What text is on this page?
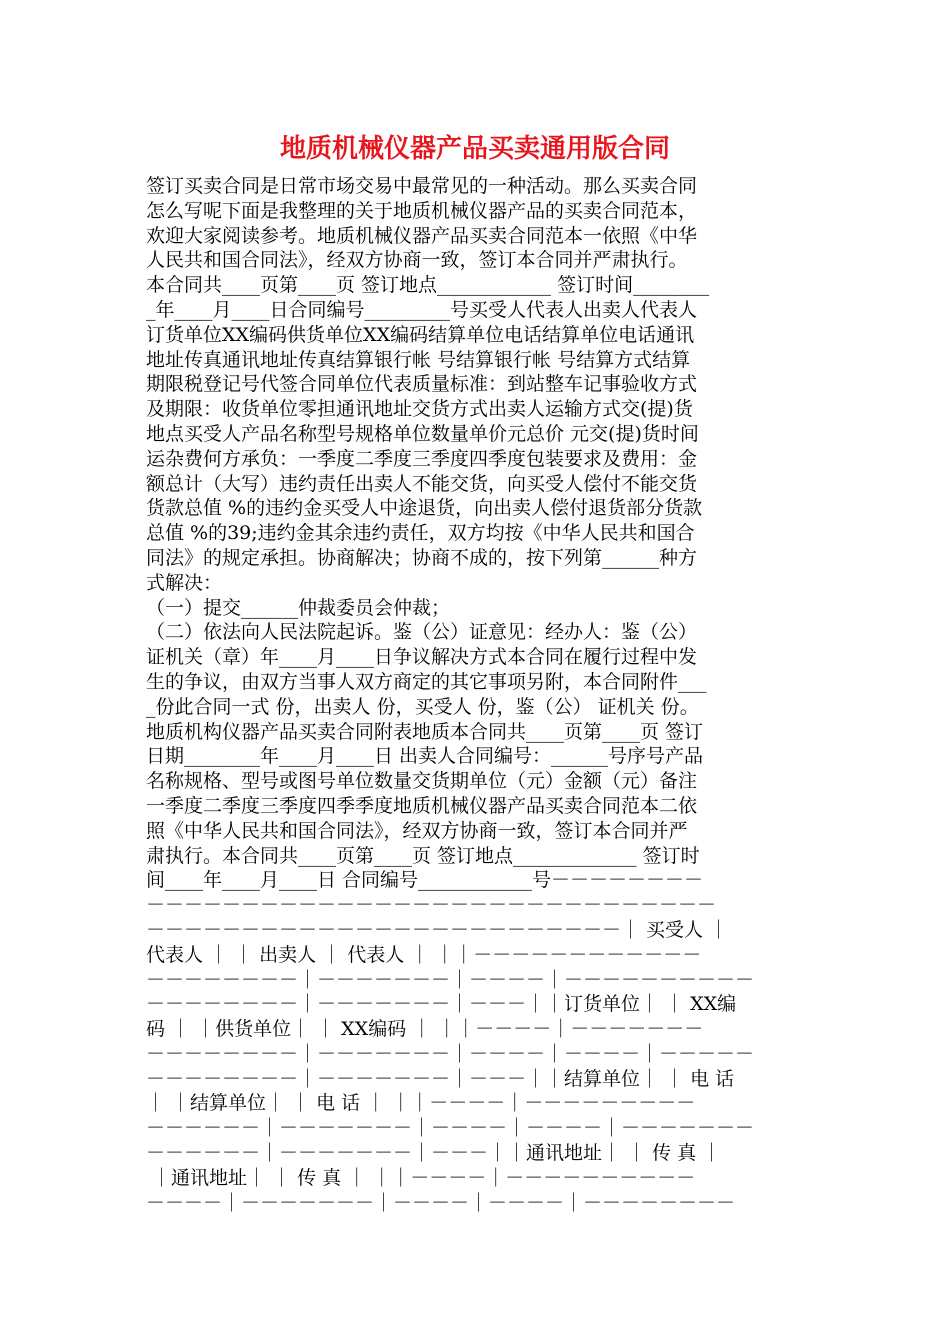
地质机械仪器产品买卖通用版合同
签订买卖合同是日常市场交易中最常见的一种活动。那么买卖合同
怎么写呢下面是我整理的关于地质机械仪器产品的买卖合同范本，
欢迎大家阅读参考。地质机械仪器产品买卖合同范本一依照《中华
人民共和国合同法》，经双方协商一致，签订本合同并严肃执行。
本合同共____页第____页 签订地点____________ 签订时间________
_年____月____日合同编号_________号买受人代表人出卖人代表人
订货单位XX编码供货单位XX编码结算单位电话结算单位电话通讯
地址传真通讯地址传真结算银行帐 号结算银行帐 号结算方式结算
期限税登记号代签合同单位代表质量标准：到站整车记事验收方式
及期限：收货单位零担通讯地址交货方式出卖人运输方式交(提)货
地点买受人产品名称型号规格单位数量单价元总价 元交(提)货时间
运杂费何方承负：一季度二季度三季度四季度包装要求及费用：金
额总计（大写）违约责任出卖人不能交货，向买受人偿付不能交货
货款总值 %的违约金买受人中途退货，向出卖人偿付退货部分货款
总值 %的39;违约金其余违约责任，双方均按《中华人民共和国合
同法》的规定承担。协商解决；协商不成的，按下列第______种方
式解决：
（一）提交______仲裁委员会仲裁；
（二）依法向人民法院起诉。鉴（公）证意见：经办人：鉴（公）
证机关（章）年____月____日争议解决方式本合同在履行过程中发
生的争议，由双方当事人双方商定的其它事项另附，本合同附件___
_份此合同一式 份，出卖人 份，买受人 份，鉴（公） 证机关 份。
地质机构仪器产品买卖合同附表地质本合同共____页第____页 签订
日期________年____月____日 出卖人合同编号：______号序号产品
名称规格、型号或图号单位数量交货期单位（元）金额（元）备注
一季度二季度三季度四季季度地质机械仪器产品买卖合同范本二依
照《中华人民共和国合同法》，经双方协商一致，签订本合同并严
肃执行。本合同共____页第____页 签订地点_____________ 签订时
间____年____月____日 合同编号____________号－－－－－－－－
－－－－－－－－－－－－－－－－－－－－－－－－－－－－－－
－－－－－－－－－－－－－－－－－－－－－－－－－｜ 买受人 ｜
代表人 ｜ ｜ 出卖人 ｜ 代表人 ｜ ｜｜－－－－－－－－－－－－
－－－－－－－－｜－－－－－－－｜－－－－｜－－－－－－－－－－
－－－－－－－－｜－－－－－－－｜－－－｜｜订货单位｜ ｜ XX编
码 ｜ ｜供货单位｜ ｜ XX编码 ｜ ｜｜－－－－｜－－－－－－－
－－－－－－－－｜－－－－－－－｜－－－－｜－－－－｜－－－－－
－－－－－－－－｜－－－－－－－｜－－－｜｜结算单位｜ ｜ 电 话
｜ ｜结算单位｜ ｜ 电 话 ｜ ｜｜－－－－｜－－－－－－－－－
－－－－－－｜－－－－－－－｜－－－－｜－－－－｜－－－－－－－
－－－－－－｜－－－－－－－｜－－－｜｜通讯地址｜ ｜ 传 真 ｜
｜通讯地址｜ ｜ 传 真 ｜ ｜｜－－－－｜－－－－－－－－－－
－－－－｜－－－－－－－｜－－－－｜－－－－｜－－－－－－－－
